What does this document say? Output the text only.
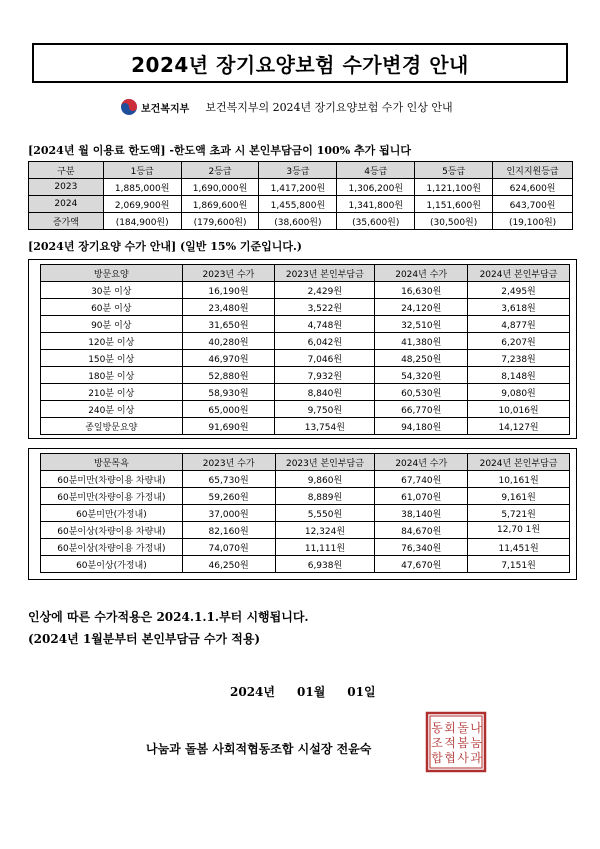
2024년 장기요양보험 수가변경 안내
보건복지부 보건복지부의 2024년 장기요양보험 수가 인상 안내
[2024년 월 이용료 한도액] -한도액 초과 시 본인부담금이 100% 추가 됩니다
구분	1등급	2등급	3등급	4등급	5등급	인지지원등급
2023	1,885,000원	1,690,000원	1,417,200원	1,306,200원	1,121,100원	624,600원
2024	2,069,900원	1,869,600원	1,455,800원	1,341,800원	1,151,600원	643,700원
증가액	(184,900원)	(179,600원)	(38,600원)	(35,600원)	(30,500원)	(19,100원)
[2024년 장기요양 수가 안내] (일반 15% 기준입니다.)
방문요양	2023년 수가	2023년 본인부담금	2024년 수가	2024년 본인부담금
30분 이상	16,190원	2,429원	16,630원	2,495원
60분 이상	23,480원	3,522원	24,120원	3,618원
90분 이상	31,650원	4,748원	32,510원	4,877원
120분 이상	40,280원	6,042원	41,380원	6,207원
150분 이상	46,970원	7,046원	48,250원	7,238원
180분 이상	52,880원	7,932원	54,320원	8,148원
210분 이상	58,930원	8,840원	60,530원	9,080원
240분 이상	65,000원	9,750원	66,770원	10,016원
종일방문요양	91,690원	13,754원	94,180원	14,127원
방문목욕	2023년 수가	2023년 본인부담금	2024년 수가	2024년 본인부담금
60분미만(차량이용 차량내)	65,730원	9,860원	67,740원	10,161원
60분미만(차량이용 가정내)	59,260원	8,889원	61,070원	9,161원
60분미만(가정내)	37,000원	5,550원	38,140원	5,721원
60분이상(차량이용 차량내)	82,160원	12,324원	84,670원	12,70 1원
60분이상(차량이용 가정내)	74,070원	11,111원	76,340원	11,451원
60분이상(가정내)	46,250원	6,938원	47,670원	7,151원
인상에 따른 수가적용은 2024.1.1.부터 시행됩니다.
(2024년 1월분부터 본인부담금 수가 적용)
2024년 01월 01일
나눔과 돌봄 사회적협동조합 시설장 전윤숙
나
눔
과
돌
봄
사
회
적
협
동
조
합
